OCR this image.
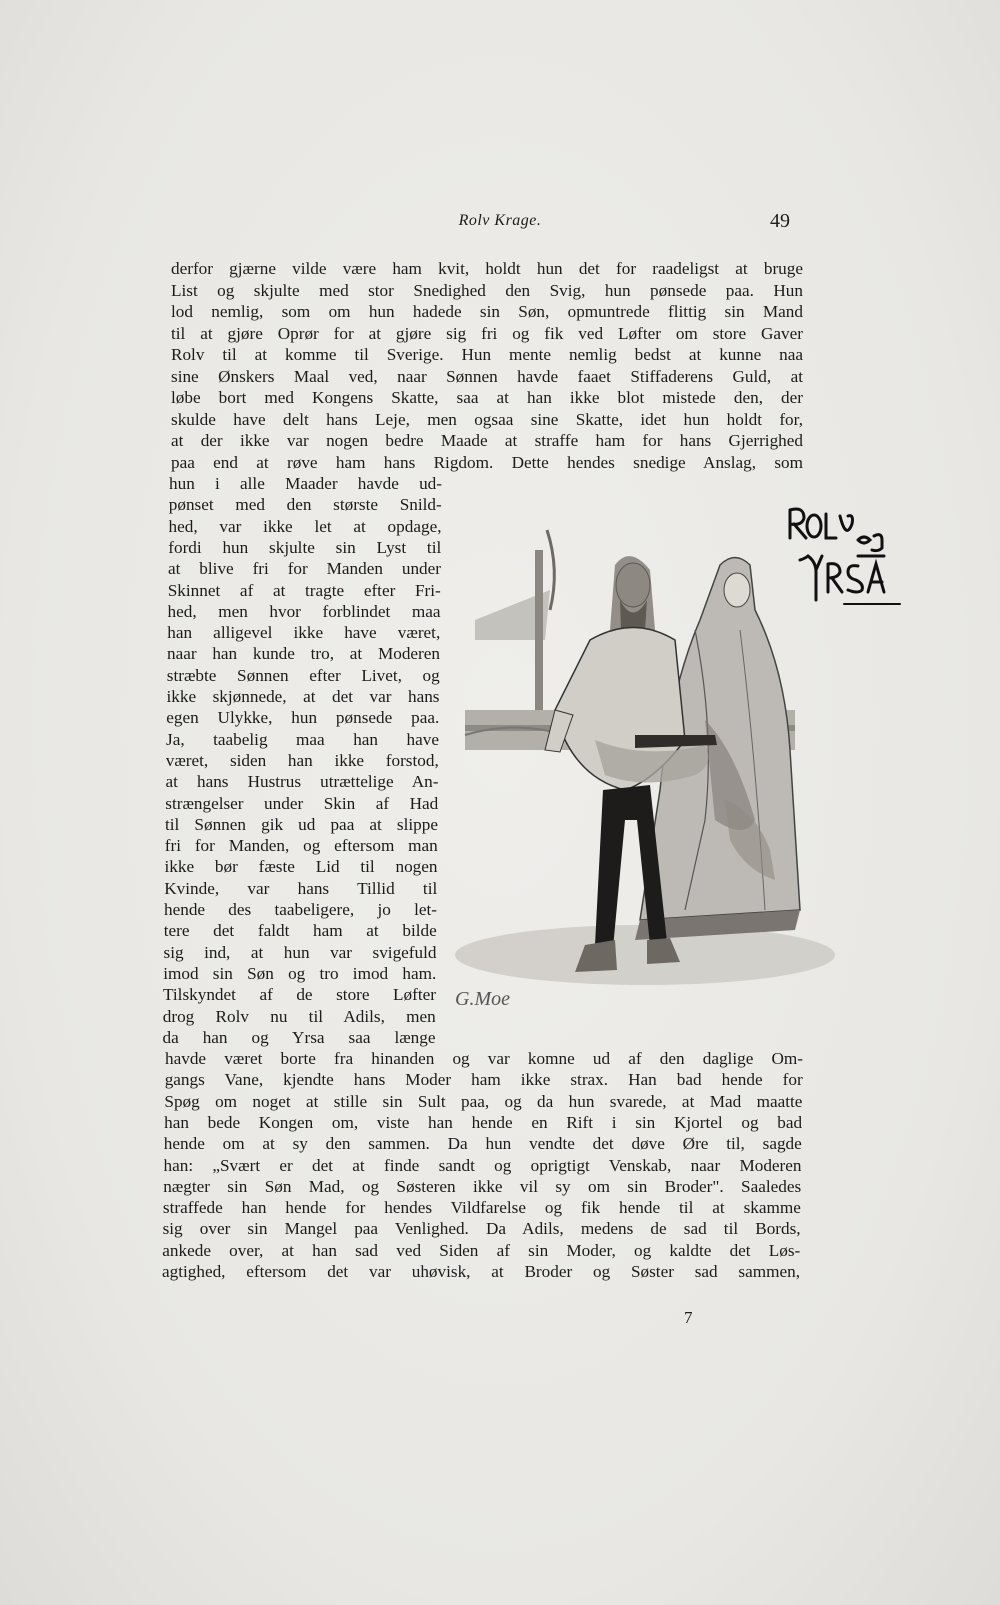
Rolv Krage.	49
derfor gjærne vilde være ham kvit, holdt hun det for raadeligst at bruge
List og skjulte med stor Snedighed den Svig, hun pønsede paa. Hun
lod nemlig, som om hun hadede sin Søn, opmuntrede flittig sin Mand
til at gjøre Oprør for at gjøre sig fri og fik ved Løfter om store Gaver
Rolv til at komme til Sverige. Hun mente nemlig bedst at kunne naa
sine Ønskers Maal ved, naar Sønnen havde faaet Stiffaderens Guld, at
løbe bort med Kongens Skatte, saa at han ikke blot mistede den, der
skulde have delt hans Leje, men ogsaa sine Skatte, idet hun holdt for,
at der ikke var nogen bedre Maade at straffe ham for hans Gjerrighed
paa end at røve ham hans Rigdom. Dette hendes snedige Anslag, som
hun i alle Maader havde ud-
pønset med den største Snild-
hed, var ikke let at opdage,
fordi hun skjulte sin Lyst til
at blive fri for Manden under
Skinnet af at tragte efter Fri-
hed, men hvor forblindet maa
han alligevel ikke have været,
naar han kunde tro, at Moderen
stræbte Sønnen efter Livet, og
ikke skjønnede, at det var hans
egen Ulykke, hun pønsede paa.
Ja, taabelig maa han have
været, siden han ikke forstod,
at hans Hustrus utrættelige An-
strængelser under Skin af Had
til Sønnen gik ud paa at slippe
fri for Manden, og eftersom man
ikke bør fæste Lid til nogen
Kvinde, var hans Tillid til
hende des taabeligere, jo let-
tere det faldt ham at bilde
sig ind, at hun var svigefuld
imod sin Søn og tro imod ham.
Tilskyndet af de store Løfter
drog Rolv nu til Adils, men
da han og Yrsa saa længe
havde været borte fra hinanden og var komne ud af den daglige Om-
gangs Vane, kjendte hans Moder ham ikke strax. Han bad hende for
Spøg om noget at stille sin Sult paa, og da hun svarede, at Mad maatte
han bede Kongen om, viste han hende en Rift i sin Kjortel og bad
hende om at sy den sammen. Da hun vendte det døve Øre til, sagde
han: „Svært er det at finde sandt og oprigtigt Venskab, naar Moderen
nægter sin Søn Mad, og Søsteren ikke vil sy om sin Broder". Saaledes
straffede han hende for hendes Vildfarelse og fik hende til at skamme
sig over sin Mangel paa Venlighed. Da Adils, medens de sad til Bords,
ankede over, at han sad ved Siden af sin Moder, og kaldte det Løs-
agtighed, eftersom det var uhøvisk, at Broder og Søster sad sammen,
G.Moe
ROLV OG YRSA
7
